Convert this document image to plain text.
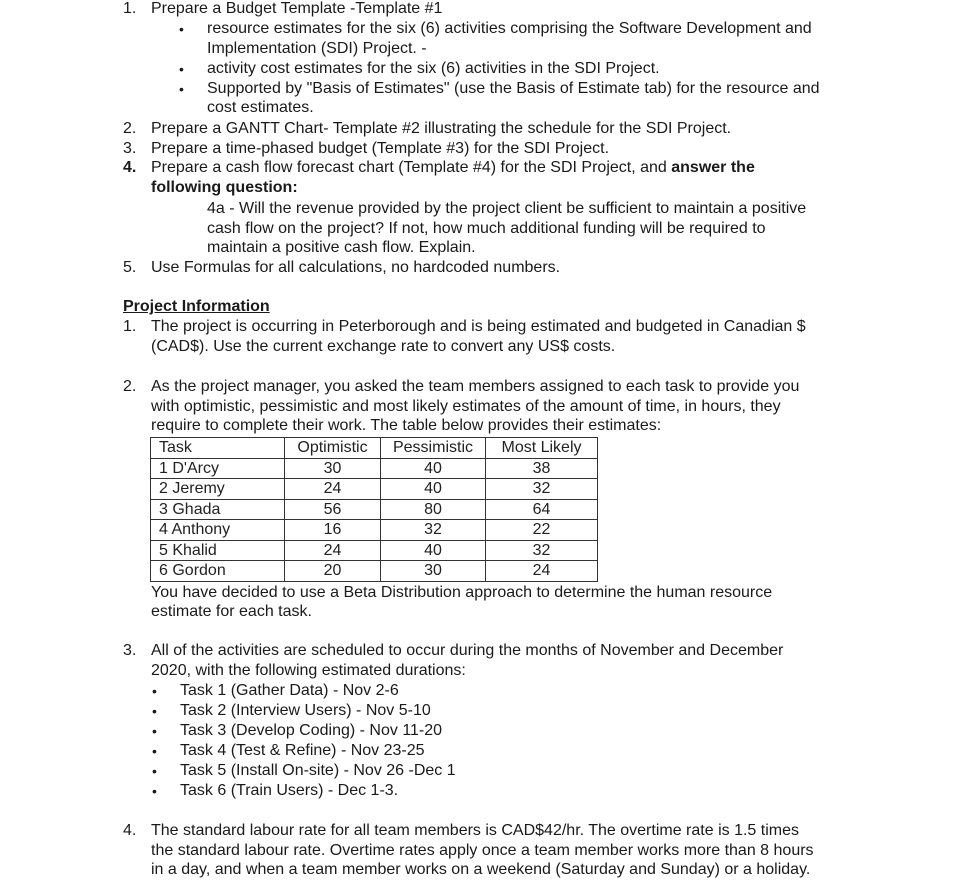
1. Prepare a Budget Template -Template #1
• resource estimates for the six (6) activities comprising the Software Development and
Implementation (SDI) Project. -
• activity cost estimates for the six (6) activities in the SDI Project.
• Supported by "Basis of Estimates" (use the Basis of Estimate tab) for the resource and
cost estimates.
2. Prepare a GANTT Chart- Template #2 illustrating the schedule for the SDI Project.
3. Prepare a time-phased budget (Template #3) for the SDI Project.
4. Prepare a cash flow forecast chart (Template #4) for the SDI Project, and answer the
following question:
4a - Will the revenue provided by the project client be sufficient to maintain a positive
cash flow on the project? If not, how much additional funding will be required to
maintain a positive cash flow. Explain.
5. Use Formulas for all calculations, no hardcoded numbers.
Project Information
1. The project is occurring in Peterborough and is being estimated and budgeted in Canadian $
(CAD$). Use the current exchange rate to convert any US$ costs.
2. As the project manager, you asked the team members assigned to each task to provide you
with optimistic, pessimistic and most likely estimates of the amount of time, in hours, they
require to complete their work. The table below provides their estimates:
Task	Optimistic	Pessimistic	Most Likely
1 D'Arcy	30	40	38
2 Jeremy	24	40	32
3 Ghada	56	80	64
4 Anthony	16	32	22
5 Khalid	24	40	32
6 Gordon	20	30	24
You have decided to use a Beta Distribution approach to determine the human resource
estimate for each task.
3. All of the activities are scheduled to occur during the months of November and December
2020, with the following estimated durations:
• Task 1 (Gather Data) - Nov 2-6
• Task 2 (Interview Users) - Nov 5-10
• Task 3 (Develop Coding) - Nov 11-20
• Task 4 (Test & Refine) - Nov 23-25
• Task 5 (Install On-site) - Nov 26 -Dec 1
• Task 6 (Train Users) - Dec 1-3.
4. The standard labour rate for all team members is CAD$42/hr. The overtime rate is 1.5 times
the standard labour rate. Overtime rates apply once a team member works more than 8 hours
in a day, and when a team member works on a weekend (Saturday and Sunday) or a holiday.
